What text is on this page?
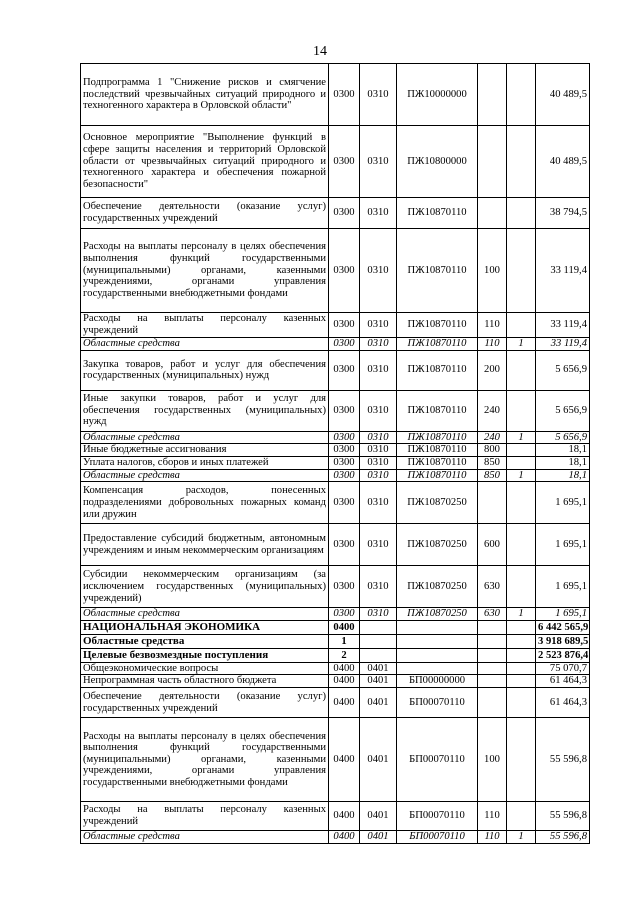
14
Подпрограмма 1 "Снижение рисков и смягчение последствий чрезвычайных ситуаций природного и техногенного характера в Орловской области"	0300	0310	ПЖ10000000			40 489,5
Основное мероприятие "Выполнение функций в сфере защиты населения и территорий Орловской области от чрезвычайных ситуаций природного и техногенного характера и обеспечения пожарной безопасности"	0300	0310	ПЖ10800000			40 489,5
Обеспечение деятельности (оказание услуг) государственных учреждений	0300	0310	ПЖ10870110			38 794,5
Расходы на выплаты персоналу в целях обеспечения выполнения функций государственными (муниципальными) органами, казенными учреждениями, органами управления государственными внебюджетными фондами	0300	0310	ПЖ10870110	100		33 119,4
Расходы на выплаты персоналу казенных учреждений	0300	0310	ПЖ10870110	110		33 119,4
Областные средства	0300	0310	ПЖ10870110	110	1	33 119,4
Закупка товаров, работ и услуг для обеспечения государственных (муниципальных) нужд	0300	0310	ПЖ10870110	200		5 656,9
Иные закупки товаров, работ и услуг для обеспечения государственных (муниципальных) нужд	0300	0310	ПЖ10870110	240		5 656,9
Областные средства	0300	0310	ПЖ10870110	240	1	5 656,9
Иные бюджетные ассигнования	0300	0310	ПЖ10870110	800		18,1
Уплата налогов, сборов и иных платежей	0300	0310	ПЖ10870110	850		18,1
Областные средства	0300	0310	ПЖ10870110	850	1	18,1
Компенсация расходов, понесенных подразделениями добровольных пожарных команд или дружин	0300	0310	ПЖ10870250			1 695,1
Предоставление субсидий бюджетным, автономным учреждениям и иным некоммерческим организациям	0300	0310	ПЖ10870250	600		1 695,1
Субсидии некоммерческим организациям (за исключением государственных (муниципальных) учреждений)	0300	0310	ПЖ10870250	630		1 695,1
Областные средства	0300	0310	ПЖ10870250	630	1	1 695,1
НАЦИОНАЛЬНАЯ ЭКОНОМИКА	0400					6 442 565,9
Областные средства	1					3 918 689,5
Целевые безвозмездные поступления	2					2 523 876,4
Общеэкономические вопросы	0400	0401				75 070,7
Непрограммная часть областного бюджета	0400	0401	БП00000000			61 464,3
Обеспечение деятельности (оказание услуг) государственных учреждений	0400	0401	БП00070110			61 464,3
Расходы на выплаты персоналу в целях обеспечения выполнения функций государственными (муниципальными) органами, казенными учреждениями, органами управления государственными внебюджетными фондами	0400	0401	БП00070110	100		55 596,8
Расходы на выплаты персоналу казенных учреждений	0400	0401	БП00070110	110		55 596,8
Областные средства	0400	0401	БП00070110	110	1	55 596,8
